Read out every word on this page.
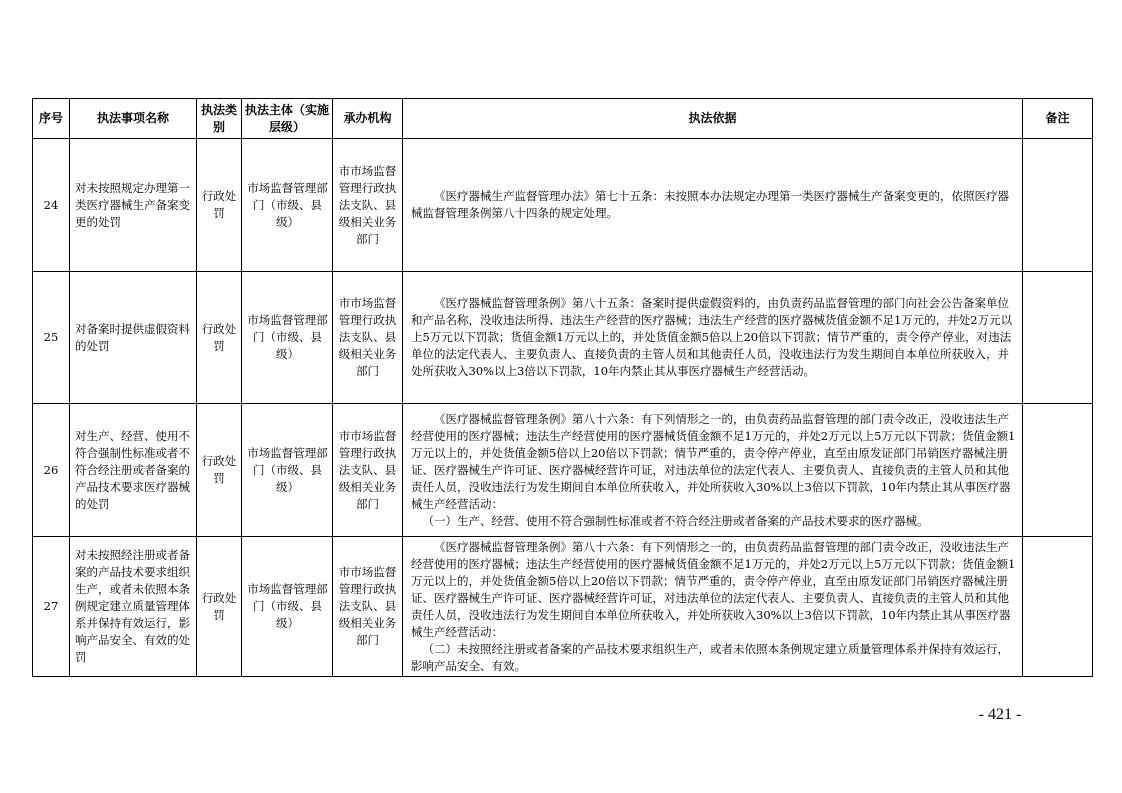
序号	执法事项名称	执法类别	执法主体（实施层级）	承办机构	执法依据	备注
24	对未按照规定办理第一类医疗器械生产备案变更的处罚	行政处罚	市场监督管理部门（市级、县级）	市市场监督管理行政执法支队、县级相关业务部门	《医疗器械生产监督管理办法》第七十五条：未按照本办法规定办理第一类医疗器械生产备案变更的，依照医疗器械监督管理条例第八十四条的规定处理。	

25	对备案时提供虚假资料的处罚	行政处罚	市场监督管理部门（市级、县级）	市市场监督管理行政执法支队、县级相关业务部门	《医疗器械监督管理条例》第八十五条：备案时提供虚假资料的，由负责药品监督管理的部门向社会公告备案单位和产品名称，没收违法所得、违法生产经营的医疗器械；违法生产经营的医疗器械货值金额不足1万元的，并处2万元以上5万元以下罚款；货值金额1万元以上的，并处货值金额5倍以上20倍以下罚款；情节严重的，责令停产停业，对违法单位的法定代表人、主要负责人、直接负责的主管人员和其他责任人员，没收违法行为发生期间自本单位所获收入，并处所获收入30%以上3倍以下罚款，10年内禁止其从事医疗器械生产经营活动。	

26	对生产、经营、使用不符合强制性标准或者不符合经注册或者备案的产品技术要求医疗器械的处罚	行政处罚	市场监督管理部门（市级、县级）	市市场监督管理行政执法支队、县级相关业务部门	《医疗器械监督管理条例》第八十六条：有下列情形之一的，由负责药品监督管理的部门责令改正，没收违法生产经营使用的医疗器械；违法生产经营使用的医疗器械货值金额不足1万元的，并处2万元以上5万元以下罚款；货值金额1万元以上的，并处货值金额5倍以上20倍以下罚款；情节严重的，责令停产停业，直至由原发证部门吊销医疗器械注册证、医疗器械生产许可证、医疗器械经营许可证，对违法单位的法定代表人、主要负责人、直接负责的主管人员和其他责任人员，没收违法行为发生期间自本单位所获收入，并处所获收入30%以上3倍以下罚款，10年内禁止其从事医疗器械生产经营活动：

（一）生产、经营、使用不符合强制性标准或者不符合经注册或者备案的产品技术要求的医疗器械。	

27	对未按照经注册或者备案的产品技术要求组织生产，或者未依照本条例规定建立质量管理体系并保持有效运行，影响产品安全、有效的处罚	行政处罚	市场监督管理部门（市级、县级）	市市场监督管理行政执法支队、县级相关业务部门	《医疗器械监督管理条例》第八十六条：有下列情形之一的，由负责药品监督管理的部门责令改正，没收违法生产经营使用的医疗器械；违法生产经营使用的医疗器械货值金额不足1万元的，并处2万元以上5万元以下罚款；货值金额1万元以上的，并处货值金额5倍以上20倍以下罚款；情节严重的，责令停产停业，直至由原发证部门吊销医疗器械注册证、医疗器械生产许可证、医疗器械经营许可证，对违法单位的法定代表人、主要负责人、直接负责的主管人员和其他责任人员，没收违法行为发生期间自本单位所获收入，并处所获收入30%以上3倍以下罚款，10年内禁止其从事医疗器械生产经营活动：

（二）未按照经注册或者备案的产品技术要求组织生产，或者未依照本条例规定建立质量管理体系并保持有效运行，影响产品安全、有效。	

- 421 -
